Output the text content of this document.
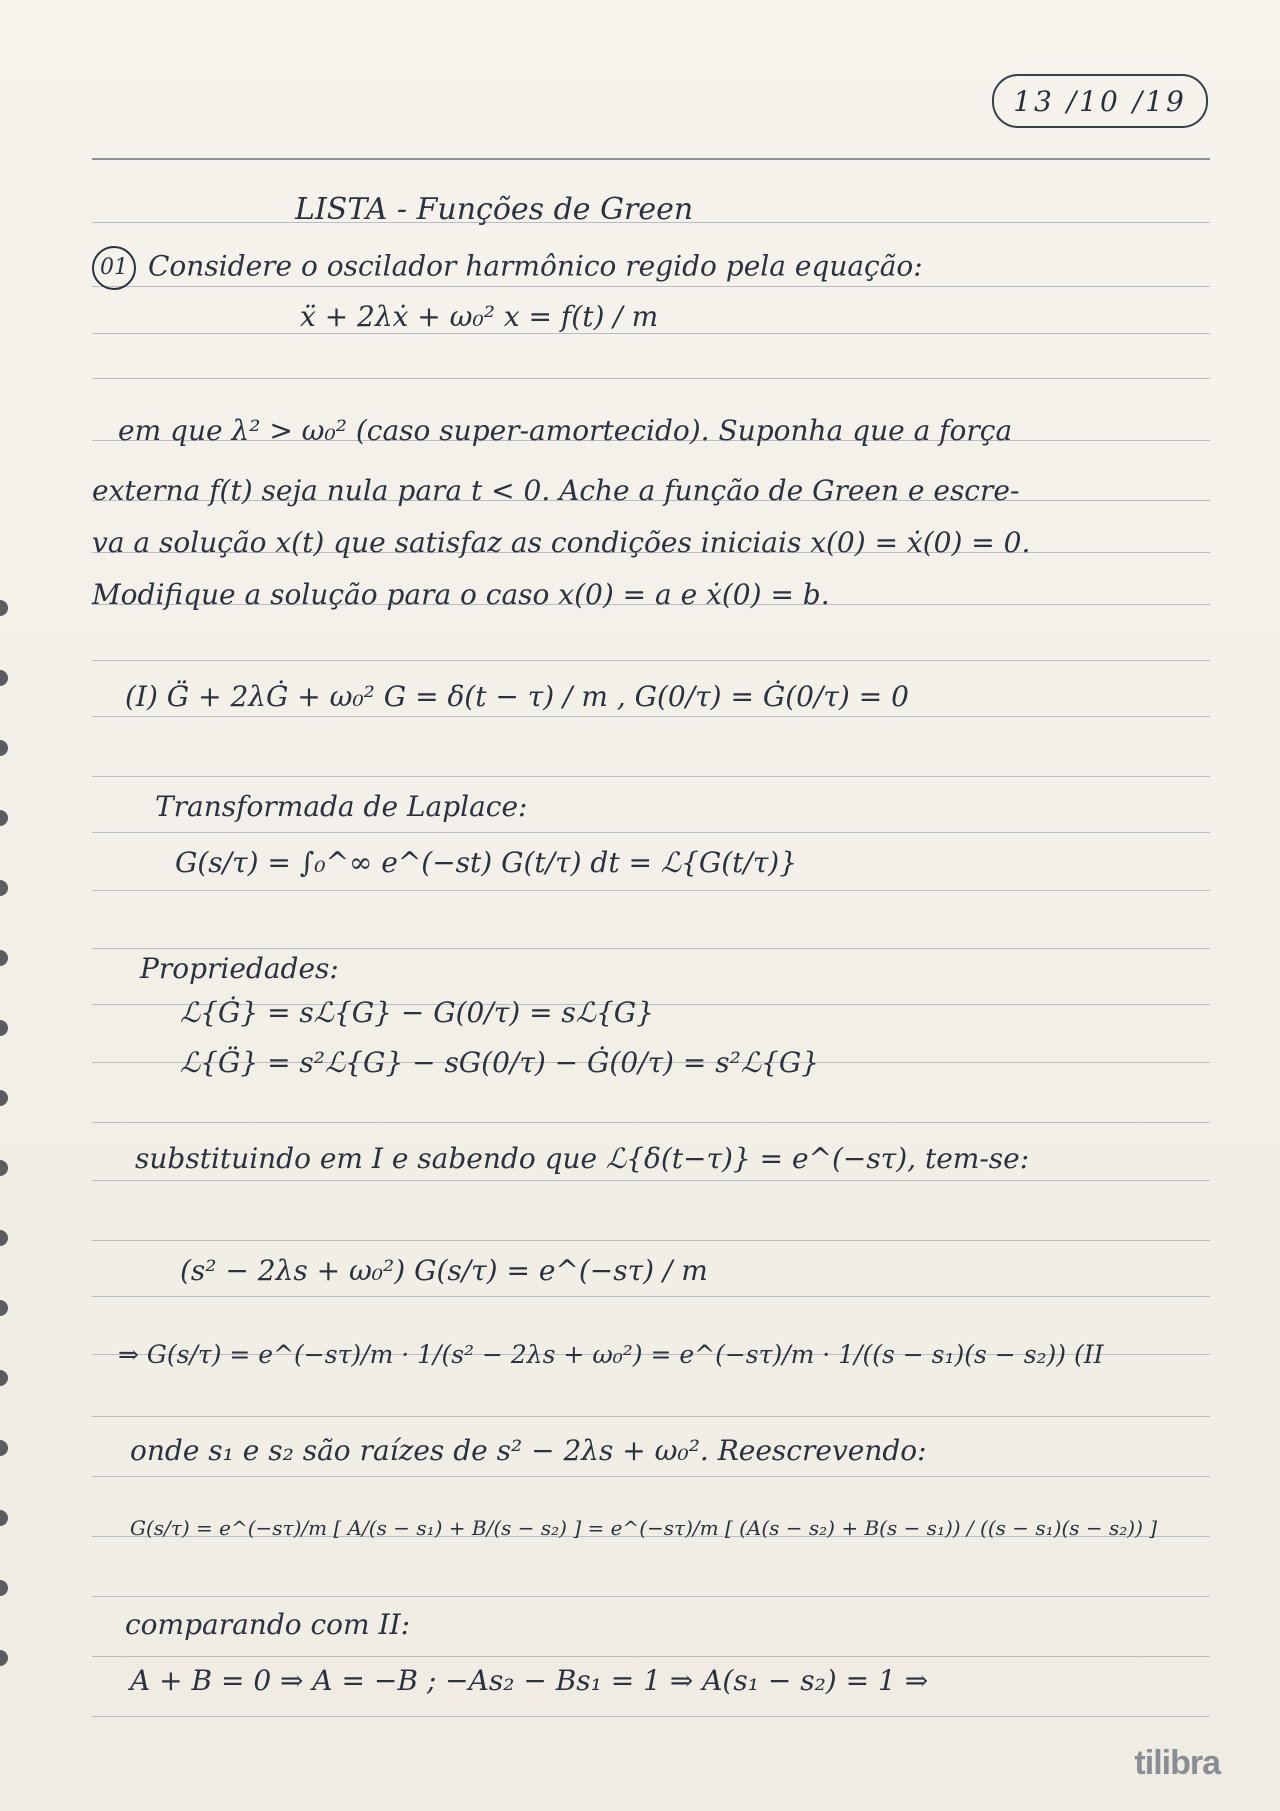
13 /10 /19
LISTA - Funções de Green
01 Considere o oscilador harmônico regido pela equação:
ẍ + 2λẋ + ω₀² x = f(t) / m
em que λ² > ω₀² (caso super-amortecido). Suponha que a força
externa f(t) seja nula para t < 0. Ache a função de Green e escre-
va a solução x(t) que satisfaz as condições iniciais x(0) = ẋ(0) = 0.
Modifique a solução para o caso x(0) = a e ẋ(0) = b.
(I) G̈ + 2λĠ + ω₀² G = δ(t − τ) / m , G(0/τ) = Ġ(0/τ) = 0
Transformada de Laplace:
G(s/τ) = ∫₀^∞ e^(−st) G(t/τ) dt = ℒ{G(t/τ)}
Propriedades:
ℒ{Ġ} = sℒ{G} − G(0/τ) = sℒ{G}
ℒ{G̈} = s²ℒ{G} − sG(0/τ) − Ġ(0/τ) = s²ℒ{G}
substituindo em I e sabendo que ℒ{δ(t−τ)} = e^(−sτ), tem-se:
(s² − 2λs + ω₀²) G(s/τ) = e^(−sτ) / m
⇒ G(s/τ) = e^(−sτ)/m · 1/(s² − 2λs + ω₀²) = e^(−sτ)/m · 1/((s − s₁)(s − s₂)) (II
onde s₁ e s₂ são raízes de s² − 2λs + ω₀². Reescrevendo:
G(s/τ) = e^(−sτ)/m [ A/(s − s₁) + B/(s − s₂) ] = e^(−sτ)/m [ (A(s − s₂) + B(s − s₁)) / ((s − s₁)(s − s₂)) ]
comparando com II:
A + B = 0 ⇒ A = −B ; −As₂ − Bs₁ = 1 ⇒ A(s₁ − s₂) = 1 ⇒
tilibra
